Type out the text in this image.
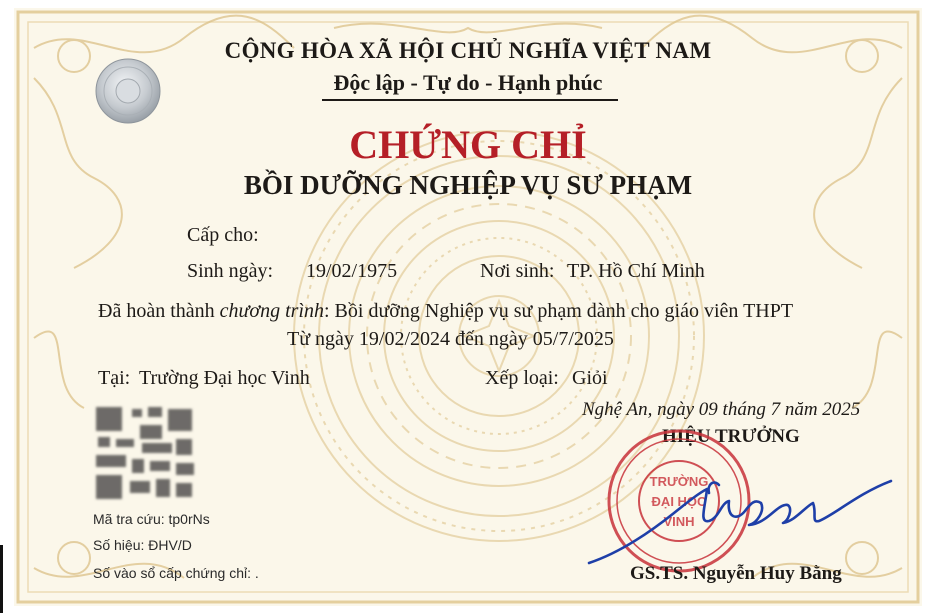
CỘNG HÒA XÃ HỘI CHỦ NGHĨA VIỆT NAM
Độc lập - Tự do - Hạnh phúc
CHỨNG CHỈ
BỒI DƯỠNG NGHIỆP VỤ SƯ PHẠM
Cấp cho:
Sinh ngày: 19/02/1975	Nơi sinh: TP. Hồ Chí Minh
Đã hoàn thành chương trình: Bồi dưỡng Nghiệp vụ sư phạm dành cho giáo viên THPT
Từ ngày 19/02/2024 đến ngày 05/7/2025
Tại: Trường Đại học Vinh	Xếp loại: Giỏi
Mã tra cứu: tp0rNs
Số hiệu: ĐHV/D
Số vào sổ cấp chứng chỉ: .
Nghệ An, ngày 09 tháng 7 năm 2025
HIỆU TRƯỞNG
TRƯỜNG
ĐẠI HỌC
VINH
GS.TS. Nguyễn Huy Bằng
